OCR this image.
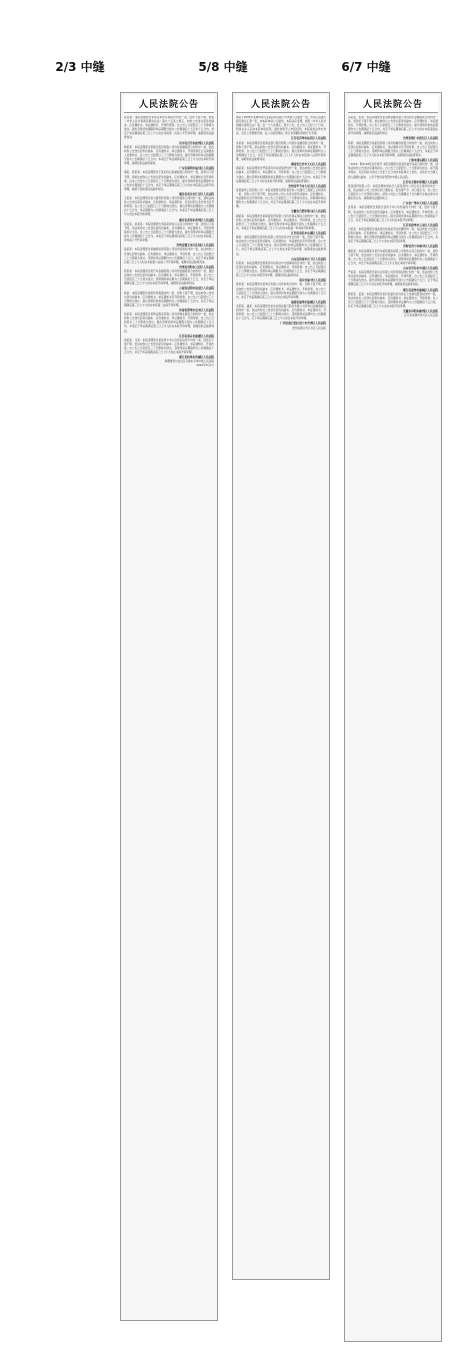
2/3 中缝	5/8 中缝	6/7 中缝
人民法院公告
张某某：本院受理原告李某某诉你民间借贷纠纷一案，因你下落不明，依照《中华人民共和国民事诉讼法》第九十五条之规定，向你公告送达起诉状副本、应诉通知书、举证通知书、开庭传票等。自公告之日起经过三十日即视为送达。提出答辩状的期限和举证期限分别为公告期满后十五日和十五日内，并定于举证期满后第三日上午九时在本院第一法庭公开开庭审理，逾期将依法缺席判决。
四川省宜宾市叙州区人民法院
钟某某：本院受理原告某银行股份有限公司诉你金融借款合同纠纷一案，依法向你公告送达起诉状副本、应诉通知书、举证通知书、开庭传票及合议庭组成人员通知书。自公告之日起经过三十日即视为送达。提出答辩状和举证的期限分别为公告期满后十五日内。本案定于举证期满后第三日上午九时在本院开庭审理，逾期将依法缺席裁判。
广东省深圳市福田区人民法院
胡某、陈某某：本院受理原告王某诉你们房屋租赁合同纠纷一案，因你们下落不明，现依法向你们公告送达起诉状副本、应诉通知书、举证通知书及开庭传票。自本公告发出之日起经过三十日即视为送达。提出答辩状和举证期限均为公告送达期满后十五日内，并定于举证期满后第三日九时在本院第五法庭开庭审理，逾期不到庭将依法缺席判决。
湖北省武汉市江岸区人民法院
王某某：本院受理原告某小额贷款有限公司诉你借款合同纠纷一案，现依法向你公告送达起诉状副本、应诉通知书、举证通知书、诉讼权利义务告知书及开庭传票。自公告之日起经过三十日即视为送达。提出答辩状的期限为公告期满后十五日内，举证期限为公告期满后十五日内。本案定于举证期满后第三日上午九时在本院开庭审理。
湖北省黄冈市黄州区人民法院
李某某、赵某某：本院受理原告刘某某诉你们买卖合同纠纷一案，因你们下落不明，依法向你们公告送达起诉状副本、应诉通知书、举证通知书、开庭传票等诉讼文书。自公告之日起经过三十日即视为送达。提出答辩状和举证期限分别为公告期满后十五日内。本案定于举证期满后的第三日上午九时在本院第三审判庭公开开庭审理。
贵州省遵义市红花岗区人民法院
孙某某：本院受理原告某融资担保有限公司诉你追偿权纠纷一案，依法向你公告送达起诉状副本、应诉通知书、举证通知书、开庭传票。自公告之日起经过三十日即视为送达。答辩和举证期限均为公告期满后十五日，并定于举证期满后第三日上午九时在本院第六法庭公开开庭审理，逾期将依法缺席判决。
贵州省贵阳市云岩区人民法院
陈某某：本院受理原告某汽车金融有限公司诉你金融借款合同纠纷一案，现依法向你公告送达起诉状副本、应诉通知书、举证通知书、开庭传票。自公告之日起经过三十日视为送达，答辩期和举证期为公告期满后十五日，并定于举证期满后第三日上午九时在本院开庭审理，逾期将依法缺席判决。
云南省昆明市盘龙区人民法院
杨某：本院受理原告周某诉你离婚纠纷一案，因你下落不明，依法向你公告送达起诉状副本、应诉通知书、举证通知书及开庭传票。自公告之日起经过三十日即视为送达。提出答辩状和举证期限均为公告期满后十五日内，并定于举证期满后第三日上午九时在本院第二法庭开庭审理。
河南省郑州市金水区人民法院
吴某某：本院受理原告某物业服务有限公司诉你物业服务合同纠纷一案，依法向你公告送达起诉状副本、应诉通知书、举证通知书、开庭传票。自公告之日起经过三十日即视为送达。提出答辩状和举证期限分别为公告期满后十五日内，本案定于举证期满后第三日上午九时在本院开庭审理，逾期将依法缺席判决。
江苏省南京市鼓楼区人民法院
徐某某、马某：本院受理原告某信用卡中心诉你们信用卡纠纷一案，因你们下落不明，依法向你们公告送达起诉状副本、应诉通知书、举证通知书、开庭传票。自公告之日起经过三十日即视为送达。答辩和举证期限均为公告期满后十五日内，并定于举证期满后第三日上午九时在本院开庭审理。
浙江省杭州市西湖区人民法院
新疆维吾尔自治区乌鲁木齐市中级人民法院
2022年3月1日
人民法院公告
本院于2022年受理申请人某某投资有限公司申请公示催告一案，申请人因遗失银行承兑汇票一张，向本院申请公示催告。本院决定受理，依照《中华人民共和国民事诉讼法》第二百一十九条规定，现予公告。自公告之日起六十日内，利害关系人应向本院申报权利。届时如果无人申报权利，本院将依法作出判决，宣告上述票据无效。在公示催告期间，转让该票据权利的行为无效。
江苏省苏州市姑苏区人民法院
朱某某：本院受理原告某商业银行股份有限公司诉你金融借款合同纠纷一案，因你下落不明，依法向你公告送达起诉状副本、应诉通知书、举证通知书、开庭传票。自公告之日起经过三十日即视为送达。提出答辩状和举证期限均为公告期满后十五日，并定于举证期满后第三日上午九时在本院第八法庭开庭审理，逾期将依法缺席判决。
湖南省长沙市天心区人民法院
黄某某：本院受理原告罗某某诉你民间借贷纠纷一案，依法向你公告送达起诉状副本、应诉通知书、举证通知书、开庭传票。自公告之日起经过三十日即视为送达。提出答辩状的期限和举证期限为公告期满后的十五日内。本案定于举证期满后第三日上午九时在本院开庭审理，逾期将依法缺席裁判。
贵州省毕节市七星关区人民法院
某某建筑工程有限公司：本院受理原告郭某某诉你公司建设工程施工合同纠纷一案，因你公司下落不明，依法向你公司公告送达起诉状副本、应诉通知书、举证通知书及开庭传票。自公告之日起经过三十日即视为送达。答辩期和举证期均为公告期满后十五日内，并定于举证期满后第三日上午九时在本院开庭审理。
安徽省合肥市蜀山区人民法院
谢某某：本院受理原告某保险股份有限公司诉你保证保险合同纠纷一案，依法向你公告送达起诉状副本、应诉通知书、举证通知书、开庭传票。自公告之日起经过三十日即视为送达。提出答辩状和举证期限分别为公告期满后十五日内，本案定于举证期满后第三日上午九时在本院第一审判庭开庭审理。
江西省南昌市东湖区人民法院
韩某：本院受理原告某科技有限公司诉你劳动争议纠纷一案，因你下落不明，依法向你公告送达起诉状副本、应诉通知书、举证通知书及开庭传票。自公告之日起经过三十日即视为送达。提出答辩状和举证期限均为公告期满后十五日，并定于举证期满后第三日上午九时在本院开庭审理，逾期将依法缺席判决。
山东省济南市历下区人民法院
彭某某：本院受理原告唐某某诉你机动车交通事故责任纠纷一案，依法向你公告送达起诉状副本、应诉通知书、举证通知书、开庭传票。自公告之日起经过三十日即视为送达。答辩和举证期限为公告期满后十五日，并定于举证期满后第三日上午九时在本院开庭审理，逾期将依法缺席判决。
重庆市渝中区人民法院
曾某某：本院受理原告某典当有限公司诉你典当纠纷一案，因你下落不明，依法向你公告送达起诉状副本、应诉通知书、举证通知书、开庭传票。自公告之日起经过三十日即视为送达。提出答辩状和举证期限分别为公告期满后十五日内，并定于举证期满后第三日上午九时在本院开庭审理。
福建省福州市鼓楼区人民法院
邓某某、潘某：本院受理原告某农村商业银行股份有限公司诉你们金融借款合同纠纷一案，依法向你们公告送达起诉状副本、应诉通知书、举证通知书、开庭传票。自公告之日起经过三十日即视为送达。答辩期和举证期均为公告期满后十五日内，定于举证期满后第三日上午九时在本院开庭审理。
广西壮族自治区南宁市青秀区人民法院
贵州省遵义市汇川区人民法院
人民法院公告
冯某某、田某：本院受理原告某消费金融有限公司诉你们金融借款合同纠纷一案，因你们下落不明，依法向你们公告送达起诉状副本、应诉通知书、举证通知书、开庭传票。自公告之日起经过三十日即视为送达。提出答辩状和举证期限均为公告期满后十五日内，并定于举证期满后第三日上午九时在本院第四法庭开庭审理，逾期将依法缺席判决。
贵州省铜仁市碧江区人民法院
蒋某：本院受理原告某租赁有限公司诉你融资租赁合同纠纷一案，依法向你公告送达起诉状副本、应诉通知书、举证通知书及开庭传票。自公告之日起经过三十日即视为送达。答辩和举证期限分别为公告期满后十五日内，本案定于举证期满后第三日上午九时在本院开庭审理，逾期将依法缺席判决。
上海市浦东新区人民法院
（2022）黔0103民初字第号 本院受理原告某某诉被告某某合同纠纷一案，现依法向你公告送达民事判决书。自公告之日起经过三十日即视为送达。如不服本判决，可在判决书送达之日起十五日内向本院递交上诉状，并按对方当事人的人数提出副本，上诉于贵州省贵阳市中级人民法院。
江苏省无锡市梁溪区人民法院
某某商贸有限公司：本院受理申请执行人某某诉你公司买卖合同纠纷执行一案，依法向你公司公告送达执行通知书、报告财产令、执行裁定书。自公告之日起经过六十日即视为送达。请你公司在公告期满后十日内履行生效法律文书确定的义务，逾期将依法强制执行。
广东省广州市天河区人民法院
沈某某：本院受理原告某银行信用卡中心诉你信用卡纠纷一案，因你下落不明，依法向你公告送达起诉状副本、应诉通知书、举证通知书、开庭传票。自公告之日起经过三十日即视为送达。提出答辩状和举证期限均为公告期满后十五日，并定于举证期满后第三日上午九时在本院开庭审理。
江苏省徐州市云龙区人民法院
卢某某：本院受理原告钱某某诉你追索劳动报酬纠纷一案，依法向你公告送达起诉状副本、应诉通知书、举证通知书、开庭传票。自公告之日起经过三十日即视为送达。提出答辩状的期限和举证期限分别为公告期满后的十五日内，本案定于举证期满后第三日上午九时在本院开庭审理。
青海省西宁市城中区人民法院
魏某某：本院受理原告某汽车销售服务有限公司诉你买卖合同纠纷一案，因你下落不明，依法向你公告送达起诉状副本、应诉通知书、举证通知书、开庭传票。自公告之日起经过三十日即视为送达。答辩和举证期限均为公告期满后十五日内，并定于举证期满后第三日上午九时在本院开庭审理。
山东省青岛市市南区人民法院
严某某：本院受理原告某实业有限公司诉你股权转让纠纷一案，依法向你公告送达起诉状副本、应诉通知书、举证通知书、开庭传票。自公告之日起经过三十日即视为送达。提出答辩状和举证期限分别为公告期满后十五日，定于举证期满后第三日上午九时在本院开庭审理，逾期将依法缺席判决。
浙江省温州市鹿城区人民法院
薛某某、姜某：本院受理原告某村民委员会诉你们土地承包经营权纠纷一案，依法向你们公告送达起诉状副本、应诉通知书、举证通知书、开庭传票。自公告之日起经过三十日即视为送达。答辩期和举证期均为公告期满后十五日内，并定于举证期满后第三日上午九时在本院开庭审理。
安徽省阜阳市颍州区人民法院
江苏省南通市崇川区人民法院
